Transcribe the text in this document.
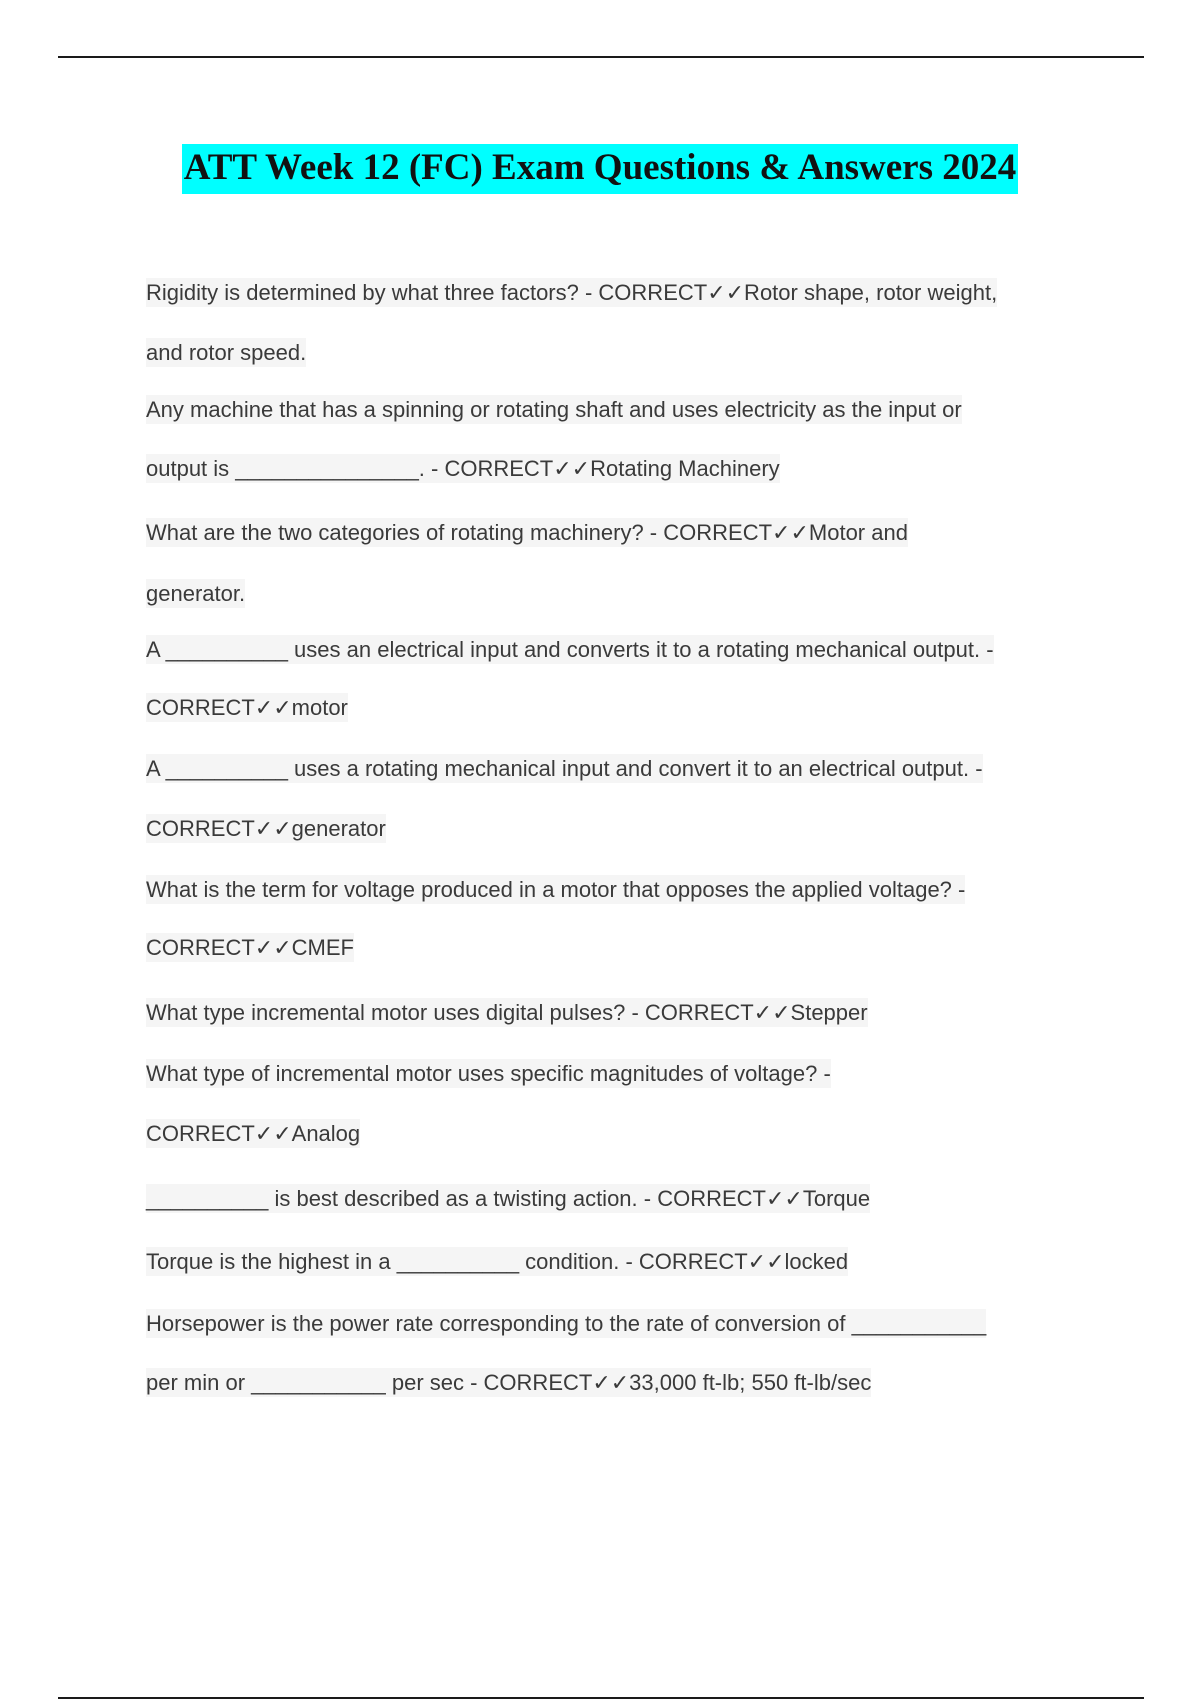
ATT Week 12 (FC) Exam Questions & Answers 2024
Rigidity is determined by what three factors? - CORRECT✓✓Rotor shape, rotor weight,
and rotor speed.
Any machine that has a spinning or rotating shaft and uses electricity as the input or
output is _______________. - CORRECT✓✓Rotating Machinery
What are the two categories of rotating machinery? - CORRECT✓✓Motor and
generator.
A __________ uses an electrical input and converts it to a rotating mechanical output. -
CORRECT✓✓motor
A __________ uses a rotating mechanical input and convert it to an electrical output. -
CORRECT✓✓generator
What is the term for voltage produced in a motor that opposes the applied voltage? -
CORRECT✓✓CMEF
What type incremental motor uses digital pulses? - CORRECT✓✓Stepper
What type of incremental motor uses specific magnitudes of voltage? -
CORRECT✓✓Analog
__________ is best described as a twisting action. - CORRECT✓✓Torque
Torque is the highest in a __________ condition. - CORRECT✓✓locked
Horsepower is the power rate corresponding to the rate of conversion of ___________
per min or ___________ per sec - CORRECT✓✓33,000 ft-lb; 550 ft-lb/sec
